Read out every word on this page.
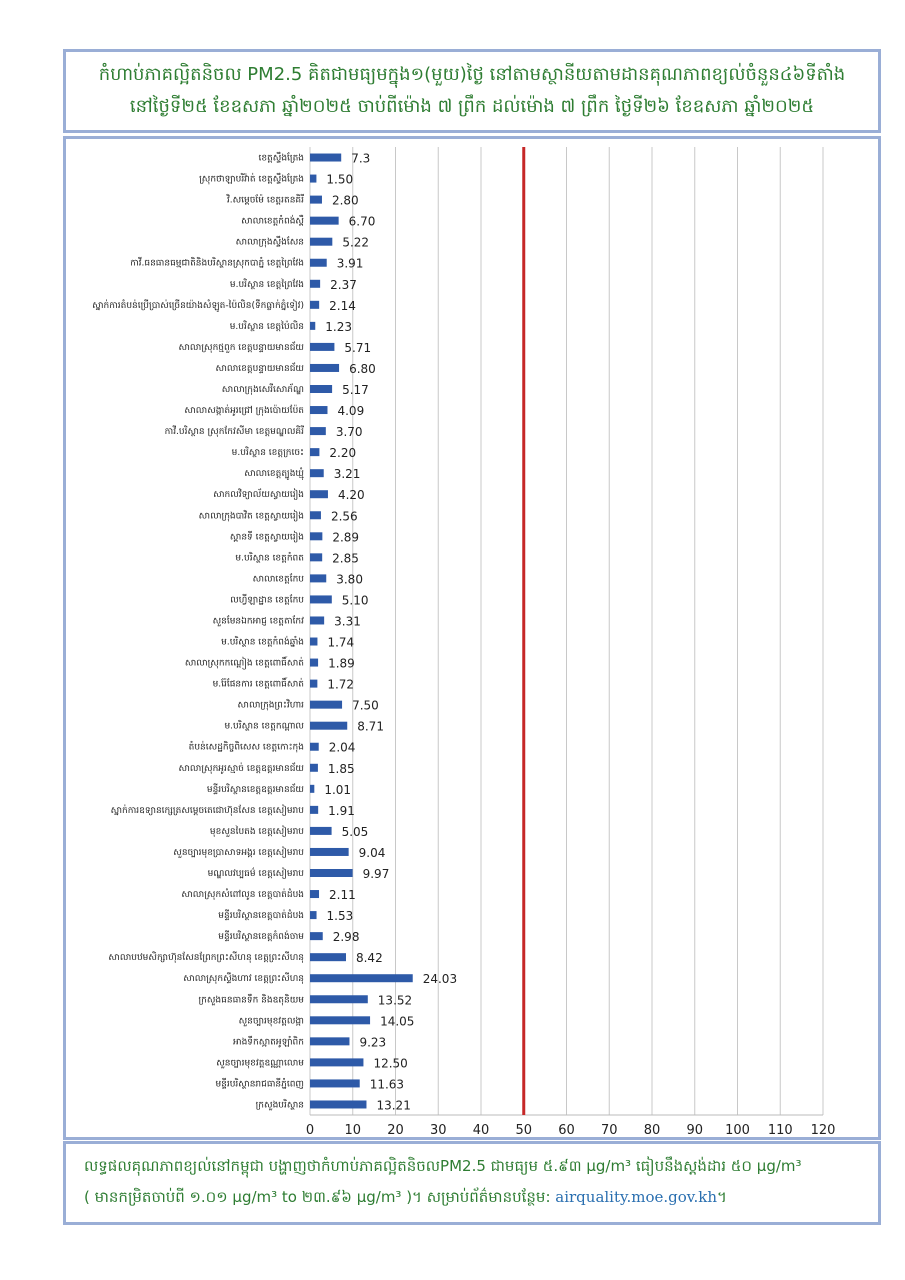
កំហាប់ភាគល្អិតនិចល PM2.5 គិតជាមធ្យមក្នុង១(មួយ)ថ្ងៃ នៅតាមស្ថានីយតាមដានគុណភាពខ្យល់ចំនួន៤៦ទីតាំង
នៅថ្ងៃទី២៥ ខែឧសភា ឆ្នាំ២០២៥ ចាប់ពីម៉ោង ៧ ព្រឹក ដល់ម៉ោង ៧ ព្រឹក ថ្ងៃទី២៦ ខែឧសភា ឆ្នាំ២០២៥
0 10 20 30 40 50 60 70 80 90 100 110 120
7.3
ខេត្តស្ទឹងត្រែង
1.50
ស្រុកថាឡាបរិវ៉ាត់ ខេត្តស្ទឹងត្រែង
2.80
វិ.សម្តេចម៉ែ ខេត្តរតនគិរី
6.70
សាលាខេត្តកំពង់ស្ពឺ
5.22
សាលាក្រុងស្ទឹងសែន
3.91
កាវី.ធនធានធម្មជាតិនិងបរិស្ថានស្រុកបាភ្នំ ខេត្តព្រៃវែង
2.37
ម.បរិស្ថាន ខេត្តព្រៃវែង
2.14
ស្នាក់ការតំបន់ប្រើប្រាស់ច្រើនយ៉ាងសំឡូត-ប៉ៃលិន(ទឹកធ្លាក់ភ្នំទៀវ)
1.23
ម.បរិស្ថាន ខេត្តប៉ៃលិន
5.71
សាលាស្រុកថ្មពួក ខេត្តបន្ទាយមានជ័យ
6.80
សាលាខេត្តបន្ទាយមានជ័យ
5.17
សាលាក្រុងសេរីសោភ័ណ្ឌ
4.09
សាលាសង្កាត់អូរជ្រៅ ក្រុងប៉ោយប៉ែត
3.70
កាវី.បរិស្ថាន ស្រុកកែវសីមា ខេត្តមណ្ឌលគិរី
2.20
ម.បរិស្ថាន ខេត្តក្រចេះ
3.21
សាលាខេត្តត្បូងឃ្មុំ
4.20
សាកលវិទ្យាល័យស្វាយរៀង
2.56
សាលាក្រុងបាវិត ខេត្តស្វាយរៀង
2.89
ស្ពានទី ខេត្តស្វាយរៀង
2.85
ម.បរិស្ថាន ខេត្តកំពត
3.80
សាលាខេត្តកែប
5.10
លហ្វីឡាដ្ឋាន ខេត្តកែប
3.31
សួនមែនឯកអាជ្ញ ខេត្តតាកែវ
1.74
ម.បរិស្ថាន ខេត្តកំពង់ឆ្នាំង
1.89
សាលាស្រុកកណ្តៀង ខេត្តពោធិ៍សាត់
1.72
ម.រ៉ែផែនការ ខេត្តពោធិ៍សាត់
7.50
សាលាក្រុងព្រះវិហារ
8.71
ម.បរិស្ថាន ខេត្តកណ្តាល
2.04
តំបន់សេដ្ឋកិច្ចពិសេស ខេត្តកោះកុង
1.85
សាលាស្រុកអូរស្មាច់ ខេត្តឧត្តរមានជ័យ
1.01
មន្ទីរបរិស្ថានខេត្តឧត្តរមានជ័យ
1.91
ស្នាក់ការឧទ្យានក្សេត្រសម្តេចតេជោហ៊ុនសែន ខេត្តសៀមរាប
5.05
មុខសួនបៃតង ខេត្តសៀមរាប
9.04
សួនច្បារមុខប្រាសាទអង្គរ ខេត្តសៀមរាប
9.97
មណ្ឌលវប្បធម៌ ខេត្តសៀមរាប
2.11
សាលាស្រុកសំពៅលូន ខេត្តបាត់ដំបង
1.53
មន្ទីរបរិស្ថានខេត្តបាត់ដំបង
2.98
មន្ទីរបរិស្ថានខេត្តកំពង់ចាម
8.42
សាលាបឋមសិក្សាហ៊ុនសែនព្រែកព្រះសីហនុ ខេត្តព្រះសីហនុ
24.03
សាលាស្រុកស្ទឹងហាវ ខេត្តព្រះសីហនុ
13.52
ក្រសួងធនធានទឹក និងឧតុនិយម
14.05
សួនច្បារមុខវត្តលង្កា
9.23
អាងទឹកស្អាតអូឡាំពិក
12.50
សួនច្បារមុខវត្តឧណ្ណាលោម
11.63
មន្ទីរបរិស្ថានរាជធានីភ្នំពេញ
13.21
ក្រសួងបរិស្ថាន
លទ្ធផលគុណភាពខ្យល់នៅកម្ពុជា បង្ហាញថាកំហាប់ភាគល្អិតនិចលPM2.5 ជាមធ្យម ៥.៩៣ µg/m³ ធៀបនឹងស្តង់ដារ ៥០ µg/m³
( មានកម្រិតចាប់ពី ១.០១ µg/m³ to ២៣.៩៦ µg/m³ )។ សម្រាប់ព័ត៌មានបន្ថែម: airquality.moe.gov.kh។
